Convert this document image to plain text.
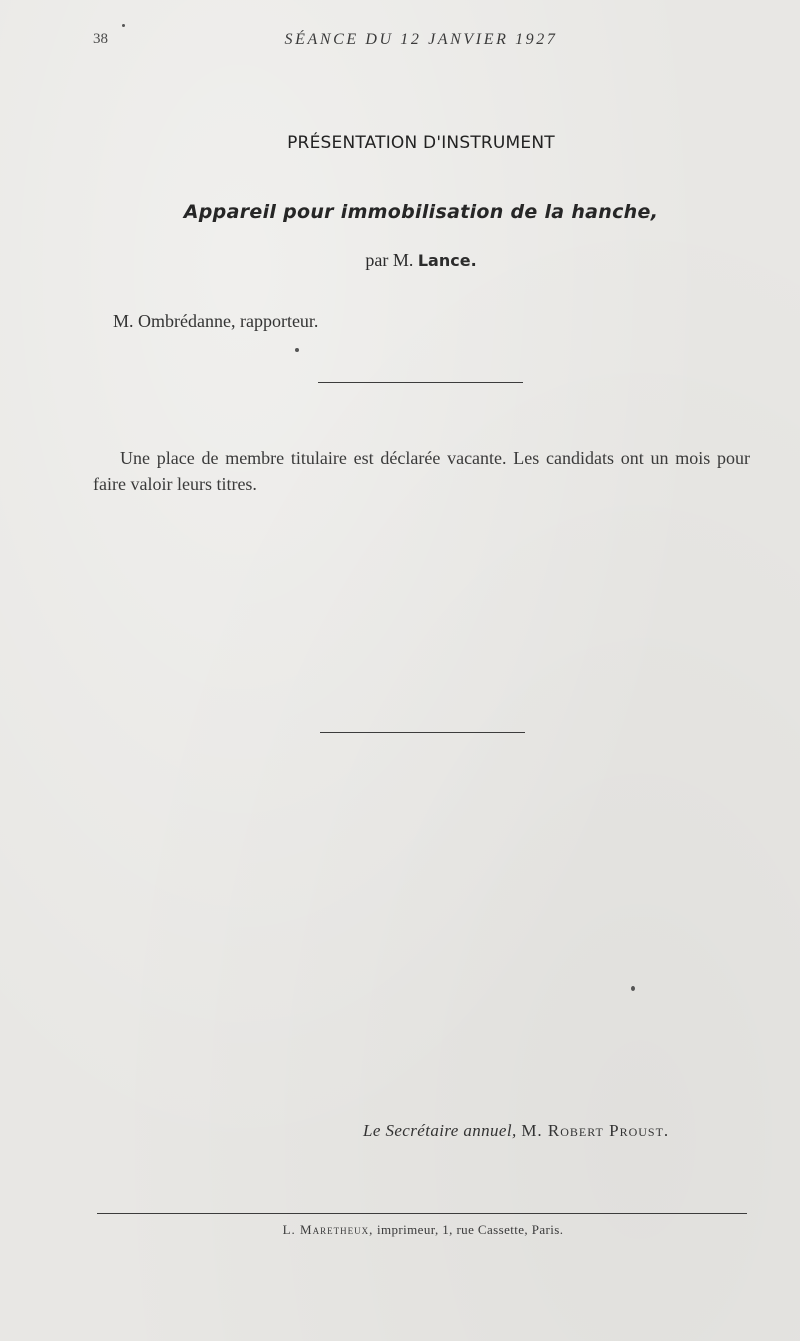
38	SÉANCE DU 12 JANVIER 1927
PRÉSENTATION D'INSTRUMENT
Appareil pour immobilisation de la hanche,
par M. Lance.
M. Ombrédanne, rapporteur.
Une place de membre titulaire est déclarée vacante. Les candidats ont un mois pour faire valoir leurs titres.
Le Secrétaire annuel, M. Robert Proust.
L. Maretheux, imprimeur, 1, rue Cassette, Paris.
